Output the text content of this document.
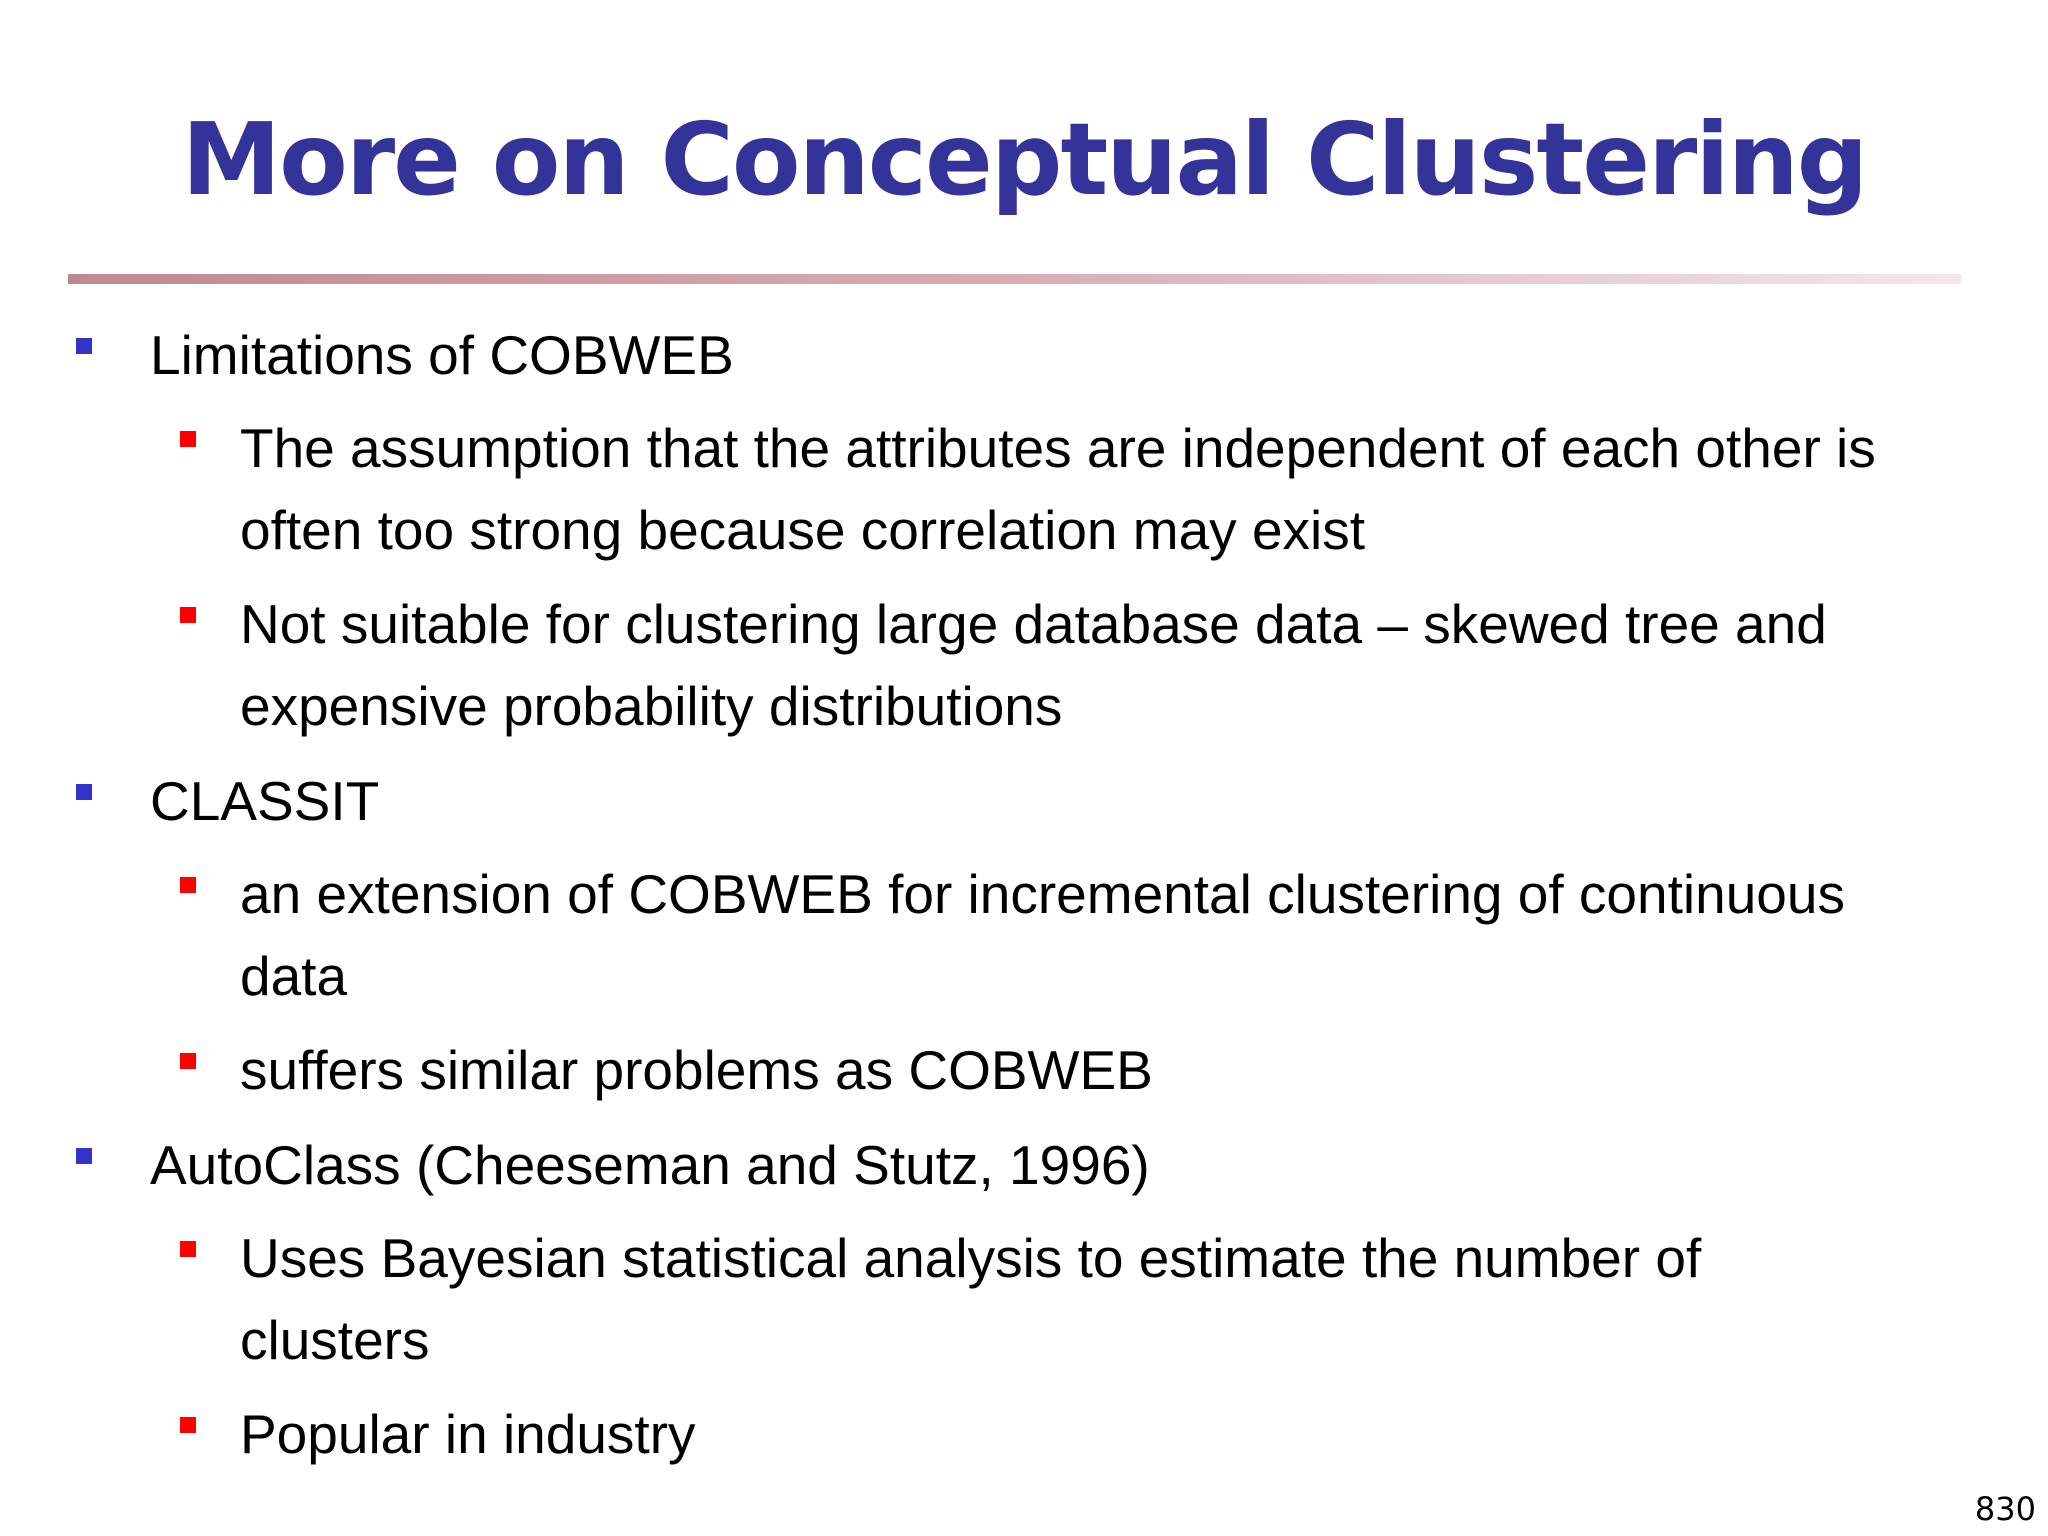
More on Conceptual Clustering
Limitations of COBWEB
The assumption that the attributes are independent of each other is
often too strong because correlation may exist
Not suitable for clustering large database data – skewed tree and
expensive probability distributions
CLASSIT
an extension of COBWEB for incremental clustering of continuous
data
suffers similar problems as COBWEB
AutoClass (Cheeseman and Stutz, 1996)
Uses Bayesian statistical analysis to estimate the number of
clusters
Popular in industry
830
